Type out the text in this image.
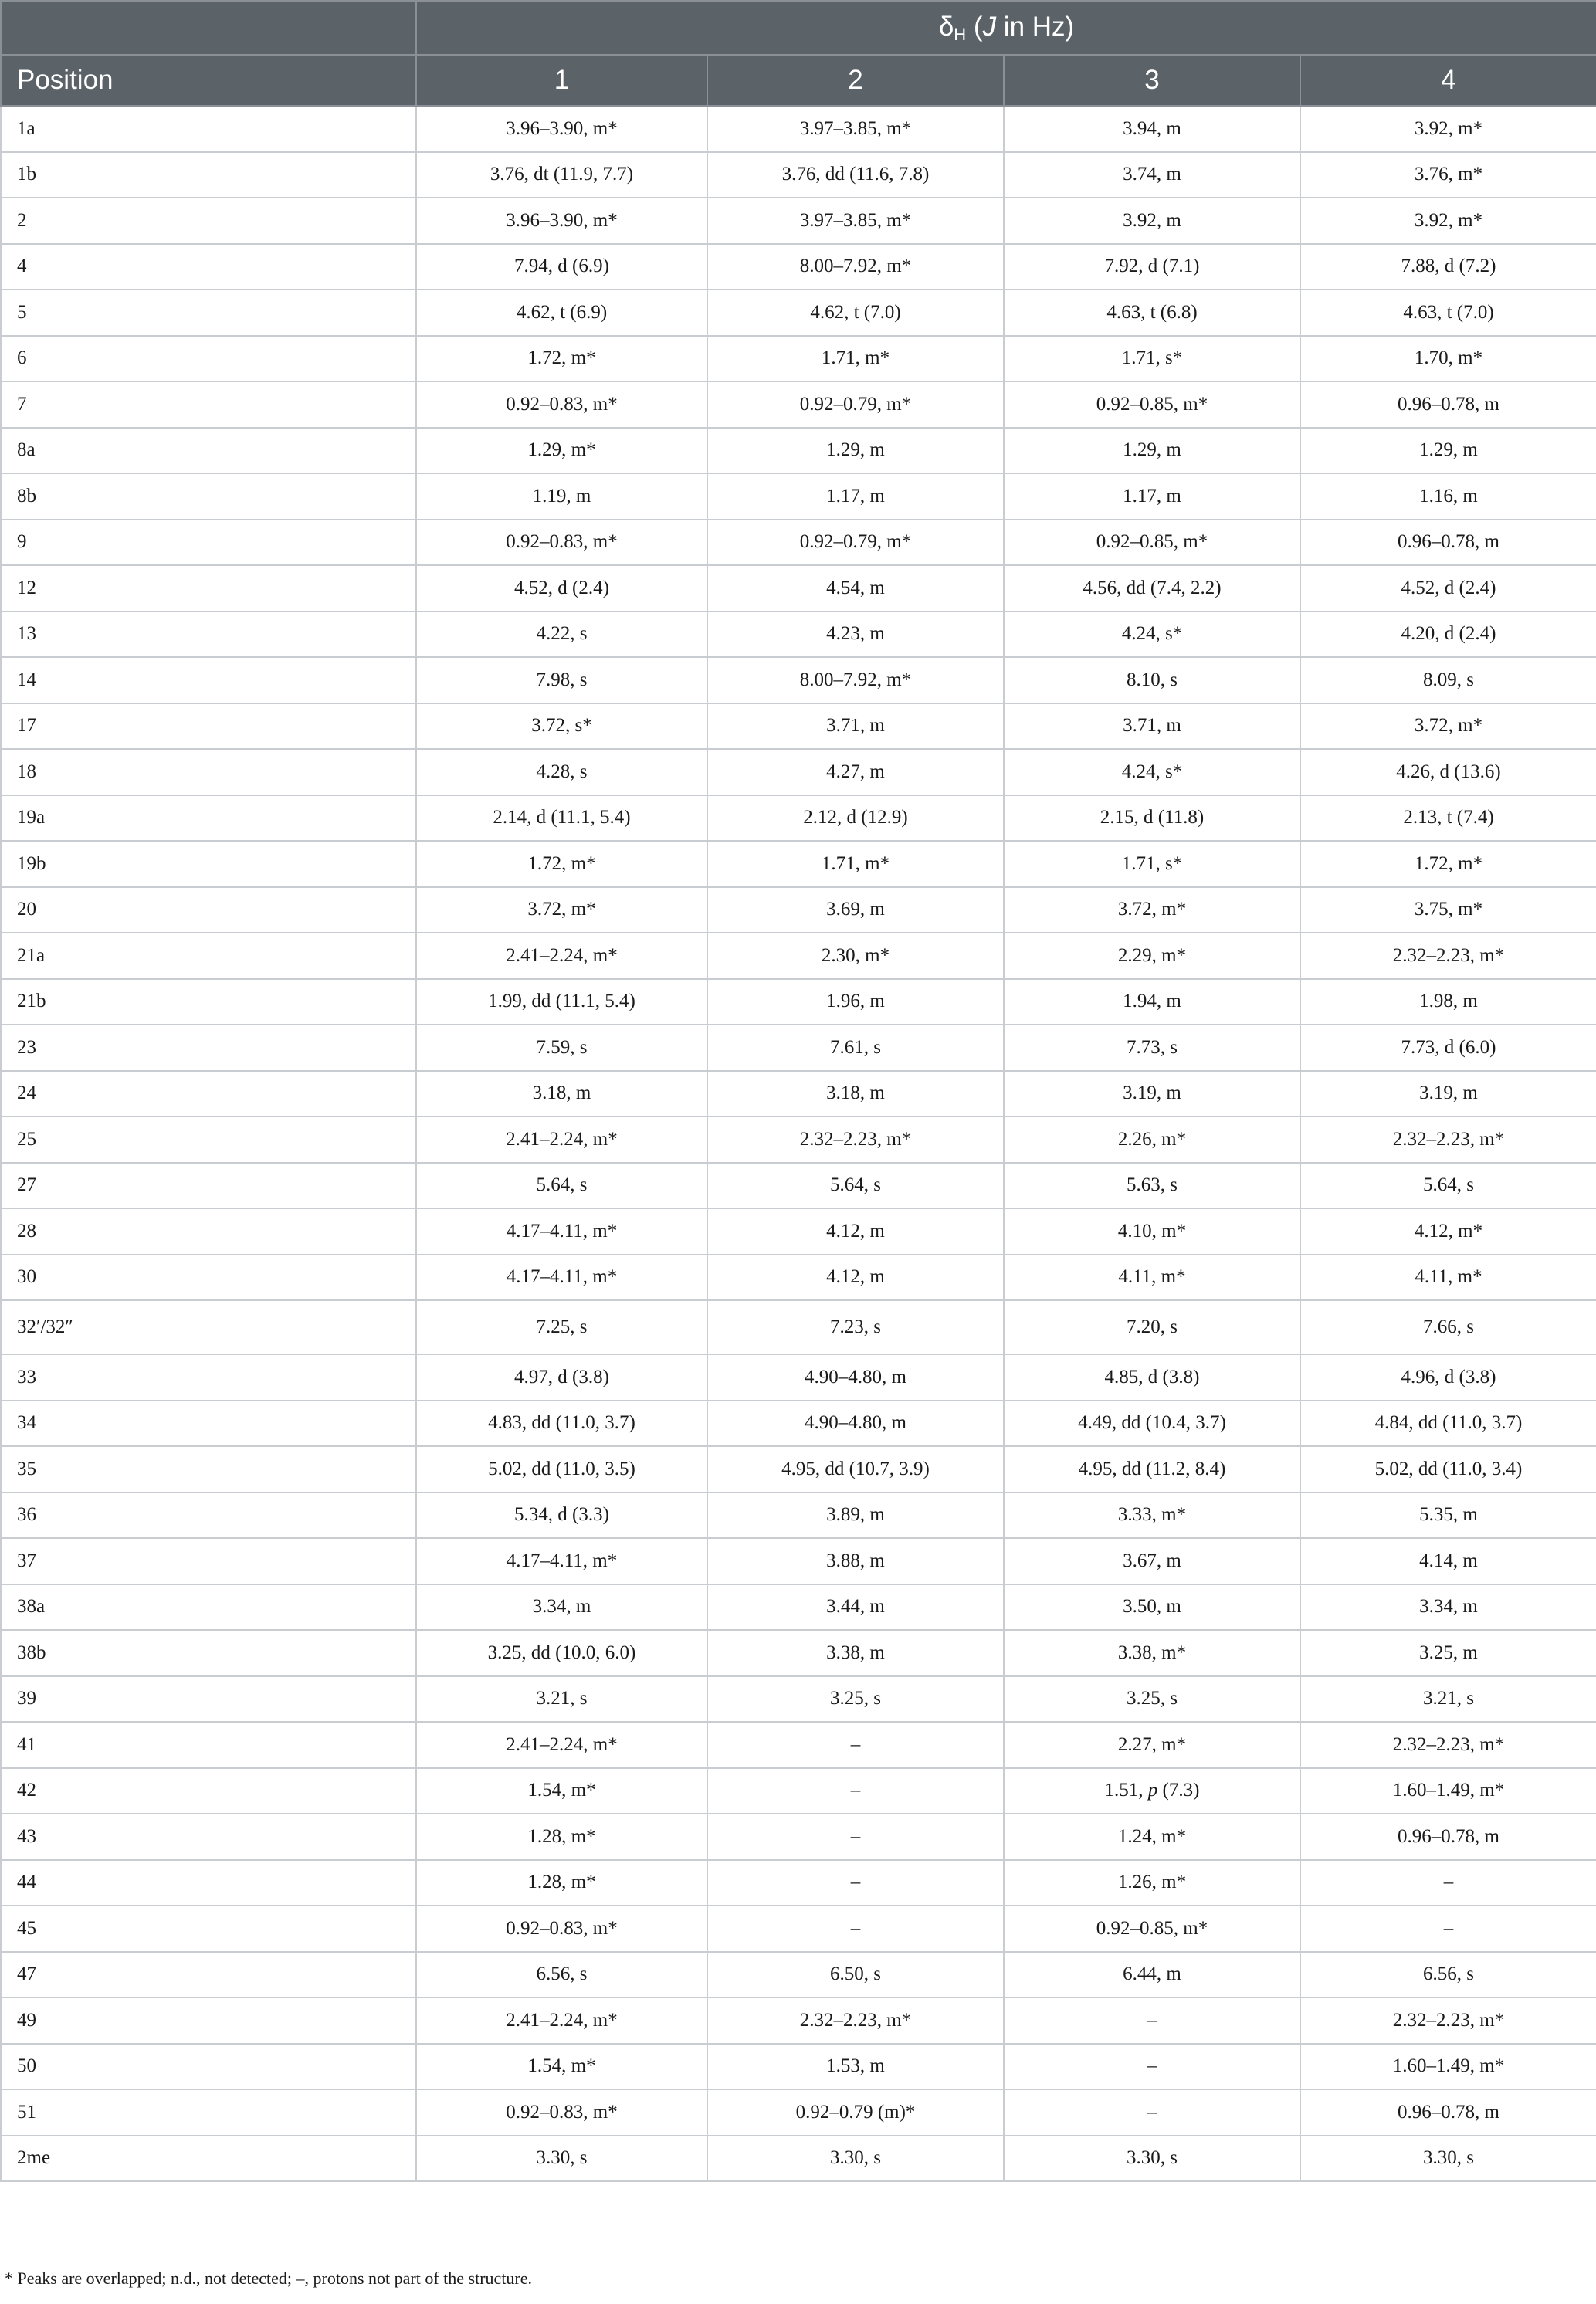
	$\delta_H$ (J in Hz)			
Position	1	2	3	4
1a	3.96–3.90, m*	3.97–3.85, m*	3.94, m	3.92, m*
1b	3.76, dt (11.9, 7.7)	3.76, dd (11.6, 7.8)	3.74, m	3.76, m*
2	3.96–3.90, m*	3.97–3.85, m*	3.92, m	3.92, m*
4	7.94, d (6.9)	8.00–7.92, m*	7.92, d (7.1)	7.88, d (7.2)
5	4.62, t (6.9)	4.62, t (7.0)	4.63, t (6.8)	4.63, t (7.0)
6	1.72, m*	1.71, m*	1.71, s*	1.70, m*
7	0.92–0.83, m*	0.92–0.79, m*	0.92–0.85, m*	0.96–0.78, m
8a	1.29, m*	1.29, m	1.29, m	1.29, m
8b	1.19, m	1.17, m	1.17, m	1.16, m
9	0.92–0.83, m*	0.92–0.79, m*	0.92–0.85, m*	0.96–0.78, m
12	4.52, d (2.4)	4.54, m	4.56, dd (7.4, 2.2)	4.52, d (2.4)
13	4.22, s	4.23, m	4.24, s*	4.20, d (2.4)
14	7.98, s	8.00–7.92, m*	8.10, s	8.09, s
17	3.72, s*	3.71, m	3.71, m	3.72, m*
18	4.28, s	4.27, m	4.24, s*	4.26, d (13.6)
19a	2.14, d (11.1, 5.4)	2.12, d (12.9)	2.15, d (11.8)	2.13, t (7.4)
19b	1.72, m*	1.71, m*	1.71, s*	1.72, m*
20	3.72, m*	3.69, m	3.72, m*	3.75, m*
21a	2.41–2.24, m*	2.30, m*	2.29, m*	2.32–2.23, m*
21b	1.99, dd (11.1, 5.4)	1.96, m	1.94, m	1.98, m
23	7.59, s	7.61, s	7.73, s	7.73, d (6.0)
24	3.18, m	3.18, m	3.19, m	3.19, m
25	2.41–2.24, m*	2.32–2.23, m*	2.26, m*	2.32–2.23, m*
27	5.64, s	5.64, s	5.63, s	5.64, s
28	4.17–4.11, m*	4.12, m	4.10, m*	4.12, m*
30	4.17–4.11, m*	4.12, m	4.11, m*	4.11, m*
32′/32″	7.25, s	7.23, s	7.20, s	7.66, s
33	4.97, d (3.8)	4.90–4.80, m	4.85, d (3.8)	4.96, d (3.8)
34	4.83, dd (11.0, 3.7)	4.90–4.80, m	4.49, dd (10.4, 3.7)	4.84, dd (11.0, 3.7)
35	5.02, dd (11.0, 3.5)	4.95, dd (10.7, 3.9)	4.95, dd (11.2, 8.4)	5.02, dd (11.0, 3.4)
36	5.34, d (3.3)	3.89, m	3.33, m*	5.35, m
37	4.17–4.11, m*	3.88, m	3.67, m	4.14, m
38a	3.34, m	3.44, m	3.50, m	3.34, m
38b	3.25, dd (10.0, 6.0)	3.38, m	3.38, m*	3.25, m
39	3.21, s	3.25, s	3.25, s	3.21, s
41	2.41–2.24, m*	–	2.27, m*	2.32–2.23, m*
42	1.54, m*	–	1.51, p (7.3)	1.60–1.49, m*
43	1.28, m*	–	1.24, m*	0.96–0.78, m
44	1.28, m*	–	1.26, m*	–
45	0.92–0.83, m*	–	0.92–0.85, m*	–
47	6.56, s	6.50, s	6.44, m	6.56, s
49	2.41–2.24, m*	2.32–2.23, m*	–	2.32–2.23, m*
50	1.54, m*	1.53, m	–	1.60–1.49, m*
51	0.92–0.83, m*	0.92–0.79 (m)*	–	0.96–0.78, m
2me	3.30, s	3.30, s	3.30, s	3.30, s
* Peaks are overlapped; n.d., not detected; –, protons not part of the structure.
